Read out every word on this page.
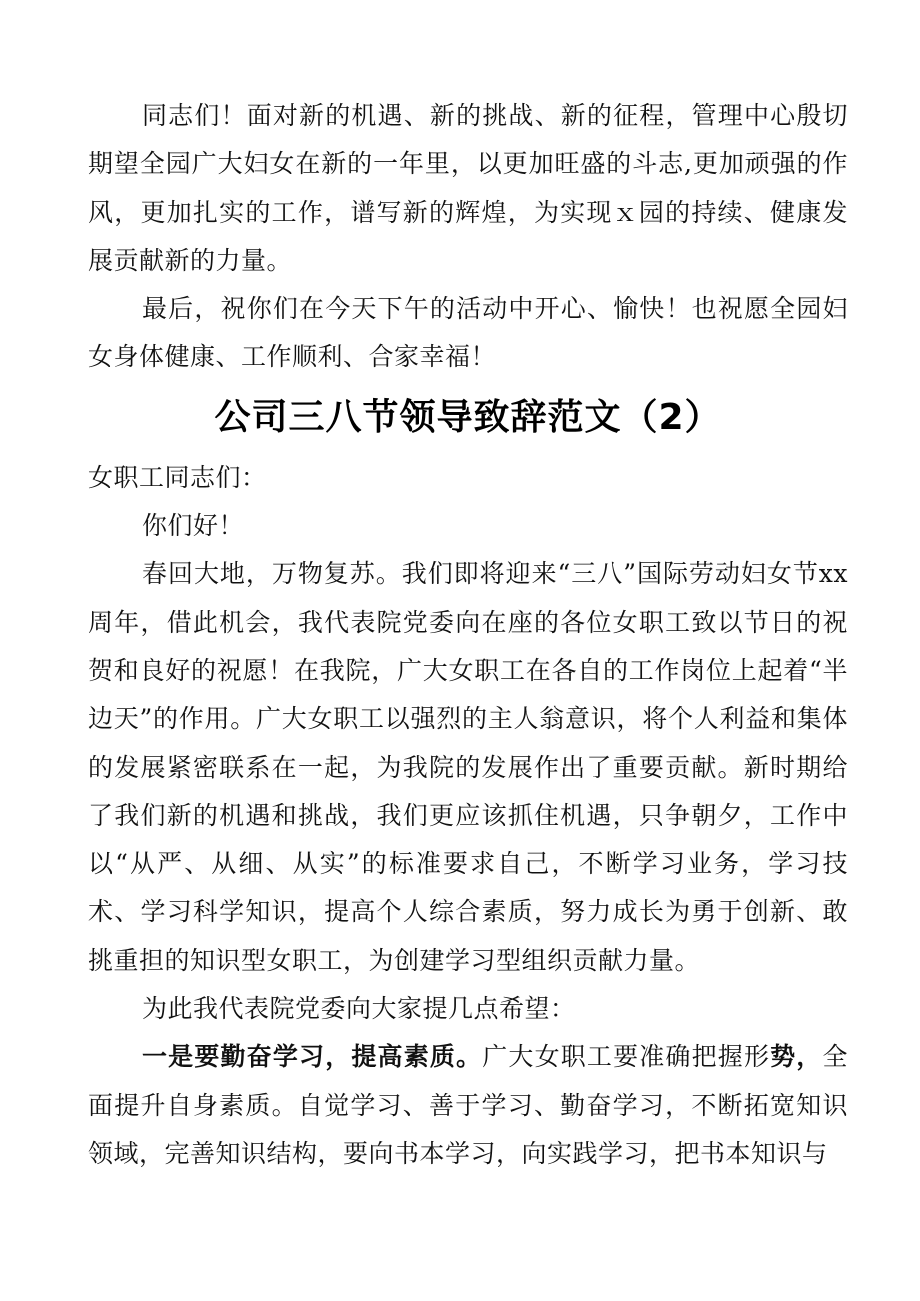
同志们！面对新的机遇、新的挑战、新的征程，管理中心殷切期望全园广大妇女在新的一年里，以更加旺盛的斗志,更加顽强的作风，更加扎实的工作，谱写新的辉煌，为实现ｘ园的持续、健康发展贡献新的力量。

最后，祝你们在今天下午的活动中开心、愉快！也祝愿全园妇女身体健康、工作顺利、合家幸福！

公司三八节领导致辞范文（2）

女职工同志们：

你们好！

春回大地，万物复苏。我们即将迎来“三八”国际劳动妇女节xx周年，借此机会，我代表院党委向在座的各位女职工致以节日的祝贺和良好的祝愿！在我院，广大女职工在各自的工作岗位上起着“半边天”的作用。广大女职工以强烈的主人翁意识，将个人利益和集体的发展紧密联系在一起，为我院的发展作出了重要贡献。新时期给了我们新的机遇和挑战，我们更应该抓住机遇，只争朝夕，工作中以“从严、从细、从实”的标准要求自己，不断学习业务，学习技术、学习科学知识，提高个人综合素质，努力成长为勇于创新、敢挑重担的知识型女职工，为创建学习型组织贡献力量。

为此我代表院党委向大家提几点希望：

一是要勤奋学习，提高素质。广大女职工要准确把握形势，全面提升自身素质。自觉学习、善于学习、勤奋学习，不断拓宽知识领域，完善知识结构，要向书本学习，向实践学习，把书本知识与
